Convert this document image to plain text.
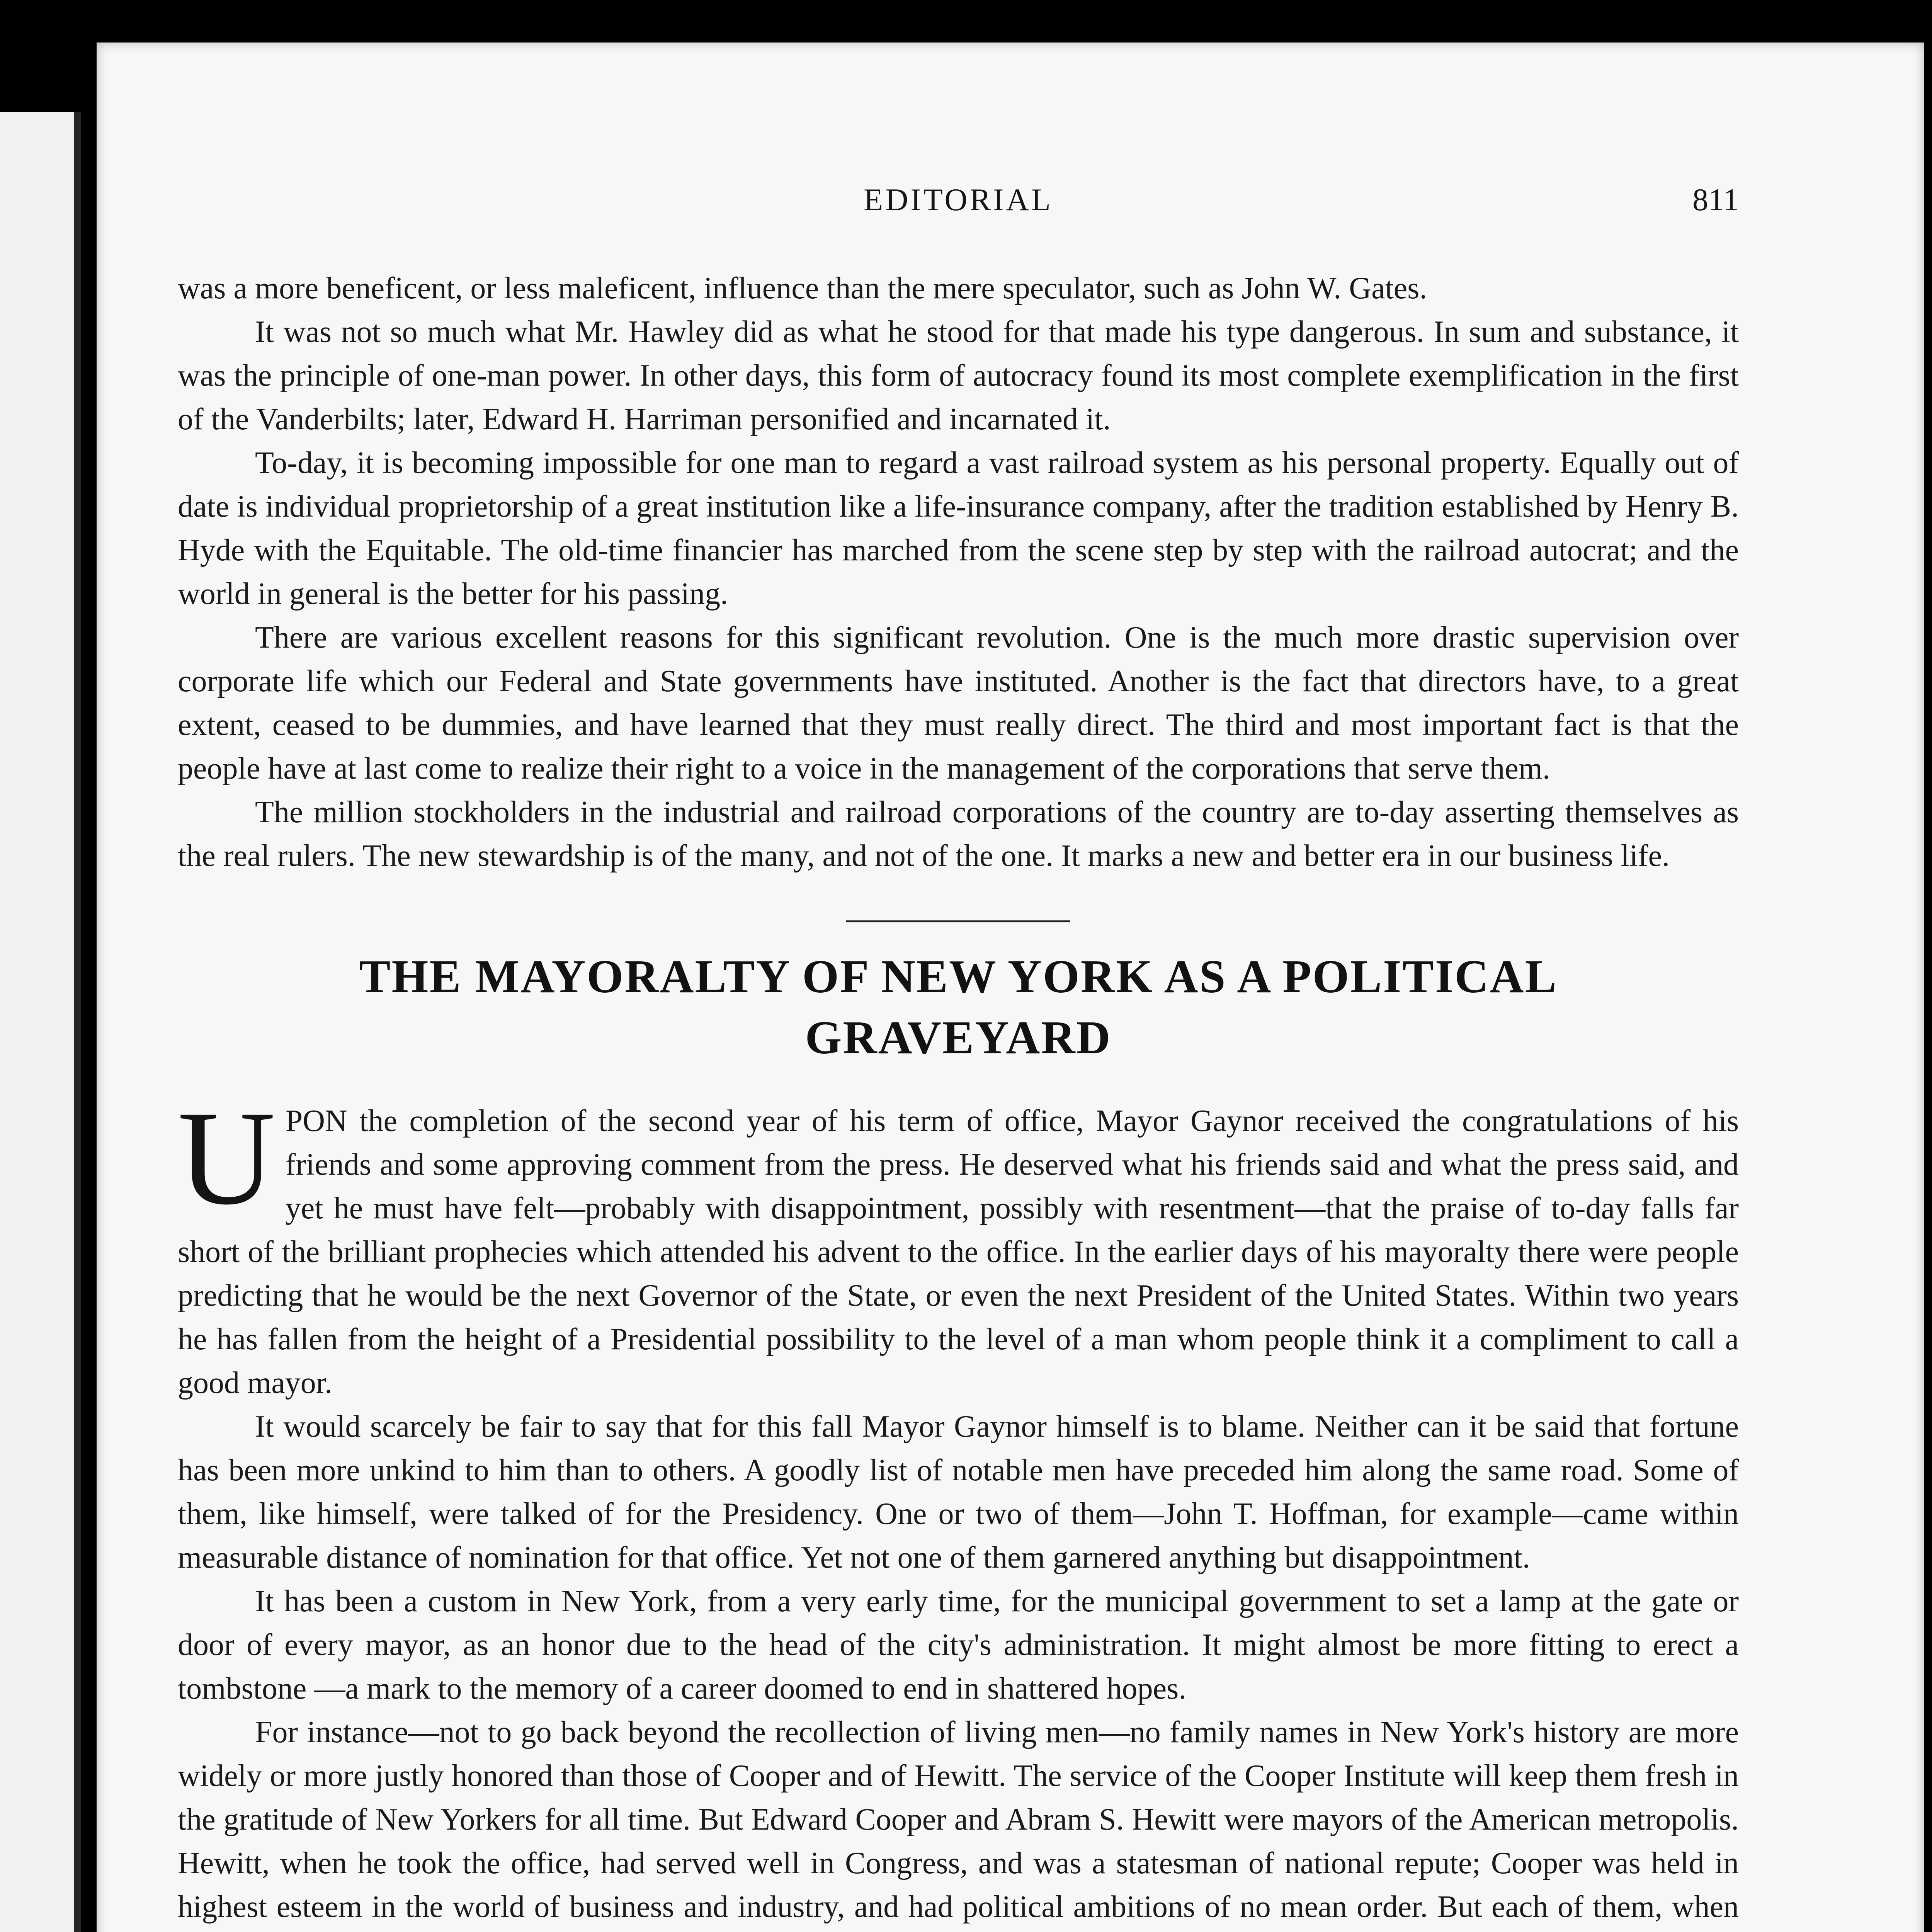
EDITORIAL	811

was a more beneficent, or less maleficent, influence than the mere speculator, such as John W. Gates.

It was not so much what Mr. Hawley did as what he stood for that made his type dangerous. In sum and substance, it was the principle of one-man power. In other days, this form of autocracy found its most complete exemplification in the first of the Vanderbilts; later, Edward H. Harriman personified and incarnated it.

To-day, it is becoming impossible for one man to regard a vast railroad system as his personal property. Equally out of date is individual proprietorship of a great institution like a life-insurance company, after the tradition established by Henry B. Hyde with the Equitable. The old-time financier has marched from the scene step by step with the railroad autocrat; and the world in general is the better for his passing.

There are various excellent reasons for this significant revolution. One is the much more drastic supervision over corporate life which our Federal and State governments have instituted. Another is the fact that directors have, to a great extent, ceased to be dummies, and have learned that they must really direct. The third and most important fact is that the people have at last come to realize their right to a voice in the management of the corporations that serve them.

The million stockholders in the industrial and railroad corporations of the country are to-day asserting themselves as the real rulers. The new stewardship is of the many, and not of the one. It marks a new and better era in our business life.

THE MAYORALTY OF NEW YORK AS A POLITICAL
GRAVEYARD

UPON the completion of the second year of his term of office, Mayor Gaynor received the congratulations of his friends and some approving comment from the press. He deserved what his friends said and what the press said, and yet he must have felt—probably with disappointment, possibly with resentment—that the praise of to-day falls far short of the brilliant prophecies which attended his advent to the office. In the earlier days of his mayoralty there were people predicting that he would be the next Governor of the State, or even the next President of the United States. Within two years he has fallen from the height of a Presidential possibility to the level of a man whom people think it a compliment to call a good mayor.

It would scarcely be fair to say that for this fall Mayor Gaynor himself is to blame. Neither can it be said that fortune has been more unkind to him than to others. A goodly list of notable men have preceded him along the same road. Some of them, like himself, were talked of for the Presidency. One or two of them—John T. Hoffman, for example—came within measurable distance of nomination for that office. Yet not one of them garnered anything but disappointment.

It has been a custom in New York, from a very early time, for the municipal government to set a lamp at the gate or door of every mayor, as an honor due to the head of the city's administration. It might almost be more fitting to erect a tombstone —a mark to the memory of a career doomed to end in shattered hopes.

For instance—not to go back beyond the recollection of living men—no family names in New York's history are more widely or more justly honored than those of Cooper and of Hewitt. The service of the Cooper Institute will keep them fresh in the gratitude of New Yorkers for all time. But Edward Cooper and Abram S. Hewitt were mayors of the American metropolis. Hewitt, when he took the office, had served well in Congress, and was a statesman of national repute; Cooper was held in highest esteem in the world of business and industry, and had political ambitions of no mean order. But each of them, when
